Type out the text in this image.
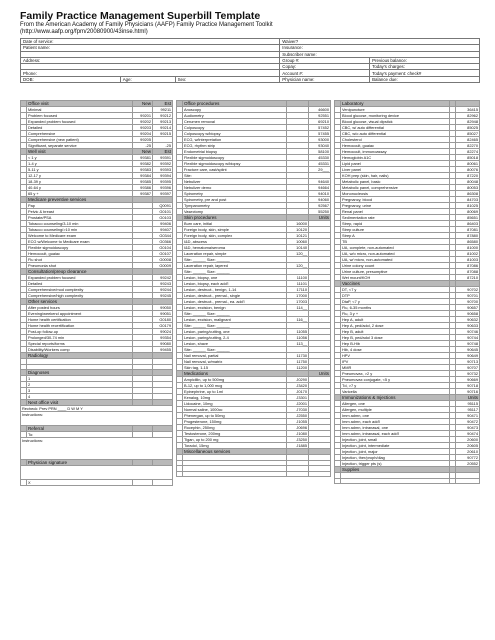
Family Practice Management Superbill Template
From the American Academy of Family Physicians (AAFP) Family Practice Management Toolkit
(http://www.aafp.org/fpm/20080900/43inse.html)
Date of service:			Waiver?	
Patient name:			Insurance:	
			Subscriber name:	
Address:			Group #:	Previous balance:
			Copay:	Today's charges:
Phone:			Account #:	Today's payment: check#
DOB:	Age:	Sex:	Physician name:	Balance due:
	Office visit	New	Est
	Minimal		99211
	Problem focused	99201	99212
	Expanded problem focused	99202	99213
	Detailed	99203	99214
	Comprehensive	99204	99215
	Comprehensive (new patient)	99205	
	Significant, separate service	-25	-25
	Well visit	New	Est
	< 1 y	99381	99391
	1-4 y	99382	99392
	5-11 y	99383	99393
	12-17 y	99384	99394
	18-39 y	99385	99395
	40-64 y	99386	99396
	65 y +	99387	99397
	Medicare preventive services		
	Pap		Q0091
	Pelvic & breast		G0101
	Prostate/PSA		G0103
	Tobacco counseling/3-10 min		99406
	Tobacco counseling/>10 min		99407
	Welcome to Medicare exam		G0344
	ECG w/Welcome to Medicare exam		G0366
	Flexible sigmoidoscopy		G0104
	Hemoccult, guaiac		G0107
	Flu shot		G0008
	Pneumonia shot		G0009
	Consultation/preop clearance		
	Expanded problem focused		99242
	Detailed		99243
	Comprehensive/mod complexity		99244
	Comprehensive/high complexity		99245
	Other services		
	After posted hours		99050
	Evening/weekend appointment		99051
	Home health certification		G0180
	Home health recertification		G0179
	Post-op follow-up		99024
	Prolonged/30-74 min		99354
	Special reports/forms		99080
	Disability/Workers comp		99455
	Radiology		

	Diagnoses		
	1		
	2		
	3		
	4		
	Next office visit		
Recheck: Prev PRN ____ D W M Y			
Instructions:			
	Referral		
	To:		
Instructions:			
	Physician signature		

	X		
	Office procedures		
	Anoscopy		46600
	Audiometry		92551
	Cerumen removal		69210
	Colposcopy		57452
	Colposcopy w/biopsy		57455
	ECG, w/interpretation		93000
	ECG, rhythm strip		93040
	Endometrial biopsy		58100
	Flexible sigmoidoscopy		45330
	Flexible sigmoidoscopy w/biopsy		45331
	Fracture care, cast/splint		29___
	Site:		
	Nebulizer		94640
	Nebulizer demo		94664
	Spirometry		94010
	Spirometry, pre and post		94060
	Tympanometry		92567
	Vasectomy		55250
	Skin procedures		Units
	Burn care, initial	16000	
	Foreign body, skin, simple	10120	
	Foreign body, skin, complex	10121	
	I&D, abscess	10060	
	I&D, hematoma/seroma	10140	
	Laceration repair, simple	120__	
	Site: ______ Size: ______		
	Laceration repair, layered	120__	
	Site: ______ Size: ______		
	Lesion, biopsy, one	11100	
	Lesion, biopsy, each add'l	11101	
	Lesion, destruct., benign, 1-14	17110	
	Lesion, destruct., premal., single	17000	
	Lesion, destruct., premal., ea. add'l	17003	
	Lesion, excision, benign	114__	
	Site: ______ Size: ______		
	Lesion, excision, malignant	116__	
	Site: ______ Size: ______		
	Lesion, paring/cutting, one	11055	
	Lesion, paring/cutting, 2-4	11056	
	Lesion, shave	113__	
	Site: ______ Size: ______		
	Nail removal, partial	11730	
	Nail removal, w/matrix	11750	
	Skin tag, 1-15	11200	
	Medications		Units
	Ampicillin, up to 500mg	J0290	
	B-12, up to 1,000 mcg	J3420	
	Epinephrine, up to 1ml	J0170	
	Kenalog, 10mg	J3301	
	Lidocaine, 10mg	J2001	
	Normal saline, 1000cc	J7030	
	Phenergan, up to 50mg	J2550	
	Progesterone, 150mg	J1055	
	Rocephin, 250mg	J0696	
	Testosterone, 200mg	J1080	
	Tigan, up to 200 mg	J3250	
	Toradol, 15mg	J1885	
	Miscellaneous services		

	Laboratory		
	Venipuncture		36415
	Blood glucose, monitoring device		82962
	Blood glucose, visual dipstick		82948
	CBC, w/ auto differential		85025
	CBC, w/o auto differential		85027
	Cholesterol		82465
	Hemoccult, guaiac		82270
	Hemoccult, immunoassay		82274
	Hemoglobin A1C		85018
	Lipid panel		80061
	Liver panel		80076
	KOH prep (skin, hair, nails)		87220
	Metabolic panel, basic		80048
	Metabolic panel, comprehensive		80053
	Mononucleosis		86308
	Pregnancy, blood		84703
	Pregnancy, urine		81025
	Renal panel		80069
	Sedimentation rate		85651
	Strep, rapid		86403
	Strep culture		87081
	Strep A		87880
	TB		86580
	UA, complete, non-automated		81000
	UA, w/o micro, non-automated		81002
	UA, w/ micro, non-automated		81003
	Urine colony count		87086
	Urine culture, presumptive		87088
	Wet mount/KOH		87210
	Vaccines		
	DT, <7 y		90702
	DTP		90701
	DtaP, <7 y		90700
	Flu, 6-35 months		90657
	Flu, 3 y +		90658
	Hep A, adult		90632
	Hep A, ped/adol, 2 dose		90633
	Hep B, adult		90746
	Hep B, ped/adol 3 dose		90744
	Hep B-Hib		90748
	Hib, 4 dose		90645
	HPV		90649
	IPV		90713
	MMR		90707
	Pneumovax, >2 y		90732
	Pneumovax conjugate, <5 y		90669
	Td, >7 y		90718
	Varicella		90716
	Immunizations & Injections		Units
	Allergen, one		95115
	Allergen, multiple		95117
	Imm admn, one		90471
	Imm admn, each add'l		90472
	Imm admn, intranasal, one		90473
	Imm admn, intranasal, each add'l		90474
	Injection, joint, small		20600
	Injection, joint, intermediate		20605
	Injection, joint, major		20610
	Injection, ther/proph/diag		90772
	Injection, trigger pts (s)		20552
	Supplies		
